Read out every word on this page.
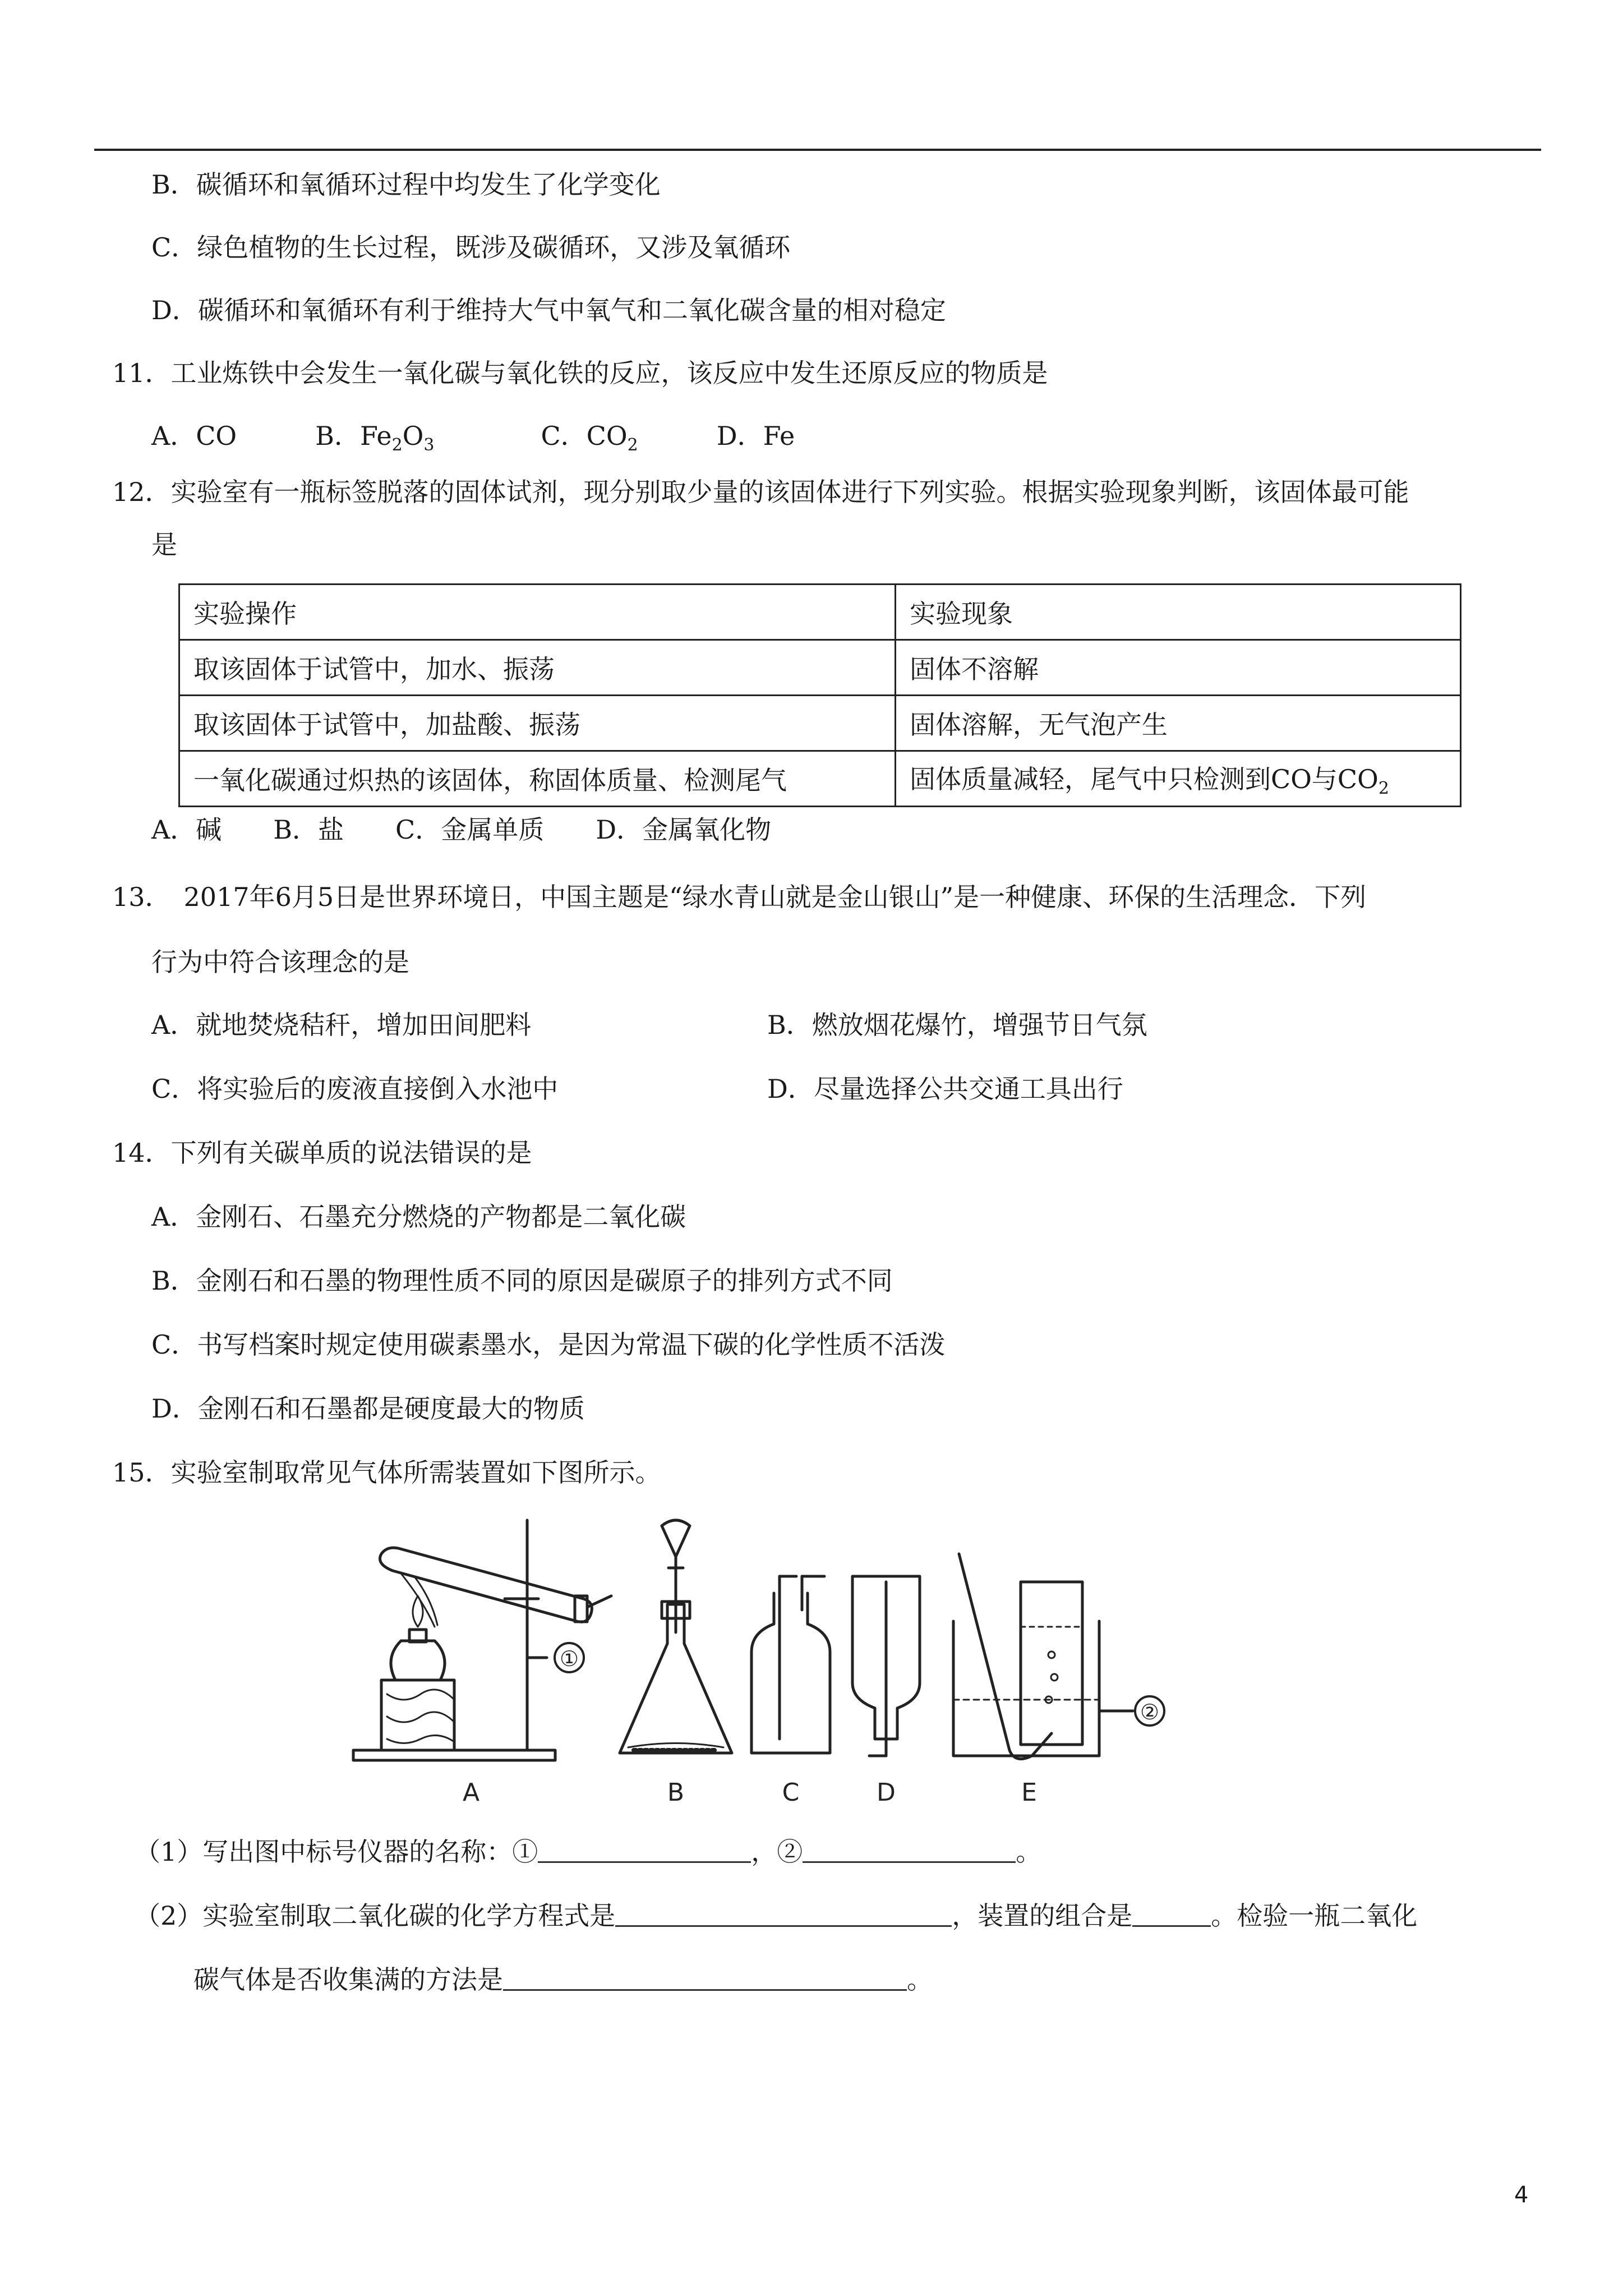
B．碳循环和氧循环过程中均发生了化学变化
C．绿色植物的生长过程，既涉及碳循环，又涉及氧循环
D．碳循环和氧循环有利于维持大气中氧气和二氧化碳含量的相对稳定
11．工业炼铁中会发生一氧化碳与氧化铁的反应，该反应中发生还原反应的物质是
A．CO	B．$Fe_2O_3$	C．$CO_2$	D．Fe
12．实验室有一瓶标签脱落的固体试剂，现分别取少量的该固体进行下列实验。根据实验现象判断，该固体最可能
是
实验操作	实验现象
取该固体于试管中，加水、振荡	固体不溶解
取该固体于试管中，加盐酸、振荡	固体溶解，无气泡产生
一氧化碳通过炽热的该固体，称固体质量、检测尾气	固体质量减轻，尾气中只检测到CO与$CO_2$
A．碱　　B．盐　　C．金属单质　　D．金属氧化物
13．　2017年6月5日是世界环境日，中国主题是“绿水青山就是金山银山”是一种健康、环保的生活理念．下列
行为中符合该理念的是
A．就地焚烧秸秆，增加田间肥料	B．燃放烟花爆竹，增强节日气氛
C．将实验后的废液直接倒入水池中	D．尽量选择公共交通工具出行
14．下列有关碳单质的说法错误的是
A．金刚石、石墨充分燃烧的产物都是二氧化碳
B．金刚石和石墨的物理性质不同的原因是碳原子的排列方式不同
C．书写档案时规定使用碳素墨水，是因为常温下碳的化学性质不活泼
D．金刚石和石墨都是硬度最大的物质
15．实验室制取常见气体所需装置如下图所示。
①
②
A	B	C	D	E
（1）写出图中标号仪器的名称：①	，②	。
（2）实验室制取二氧化碳的化学方程式是	，装置的组合是	。检验一瓶二氧化
碳气体是否收集满的方法是	。
4
